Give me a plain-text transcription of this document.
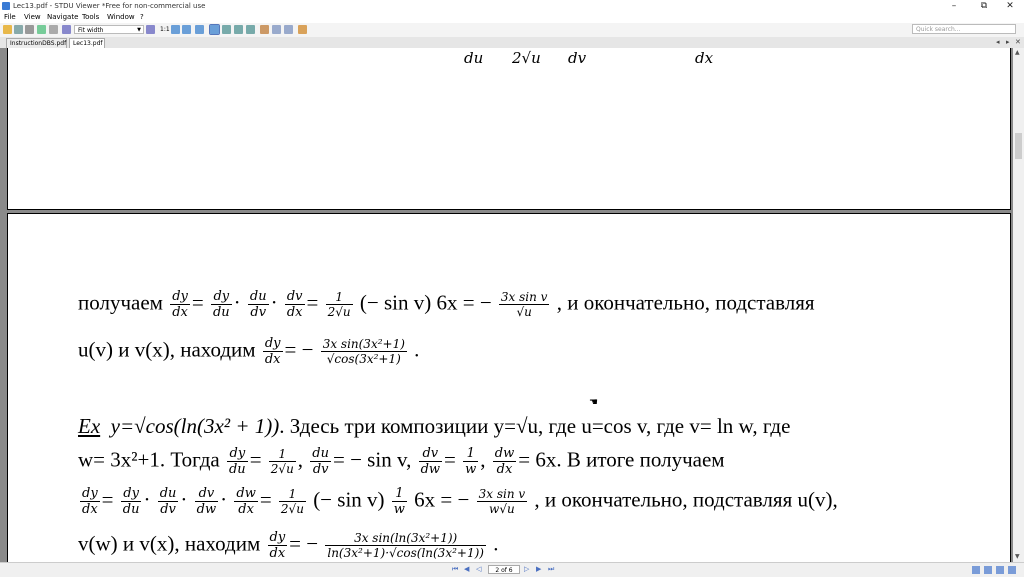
Lec13.pdf - STDU Viewer *Free for non-commercial use	–	⧉	✕
File View Navigate Tools Window ?
Fit width	▼	1:1	Quick search...
InstructionDBS.pdf	Lec13.pdf	◂ ▸ ✕
du 2√u dv	dx
получаем $\frac{dy}{dx} = \frac{dy}{du} \cdot \frac{du}{dv} \cdot \frac{dv}{dx} = \frac{1}{2√u}$ (− sin v) 6x = − $\frac{\text{3x sin v}}{√u}$ , и окончательно, подставляя
u(v) и v(x), находим $\frac{dy}{dx}$ = − $\frac{\text{3x sin(3x²+1)}}{\text{√cos(3x²+1)}}$ .
Ex y=√cos(ln(3x² + 1)). Здесь три композиции y=√u, где u=cos v, где v= ln w, где
w= 3x²+1. Тогда $\frac{dy}{du} = \frac{1}{2√u}$ , $\frac{du}{dv}$ = − sin v, $\frac{dv}{dw} = \frac{1}{w}$ , $\frac{dw}{dx} = 6x$. В итоге получаем
$\frac{dy}{dx} = \frac{dy}{du} \cdot \frac{du}{dv} \cdot \frac{dv}{dw} \cdot \frac{dw}{dx} = \frac{1}{2√u}$ (− $\sin v) \frac{1}{w} 6x$ = − $\frac{\text{3x sin v}}{w√u}$ , и окончательно, подставляя u(v),
v(w) и v(x), находим $\frac{dy}{dx}$ = − $\frac{\text{3x sin(ln(3x²+1))}}{\text{ln(3x²+1)·√cos(ln(3x²+1))}}$ .
☚
▲
▼
⏮ ◀ ◁	2 of 6	▷ ▶ ⏭
